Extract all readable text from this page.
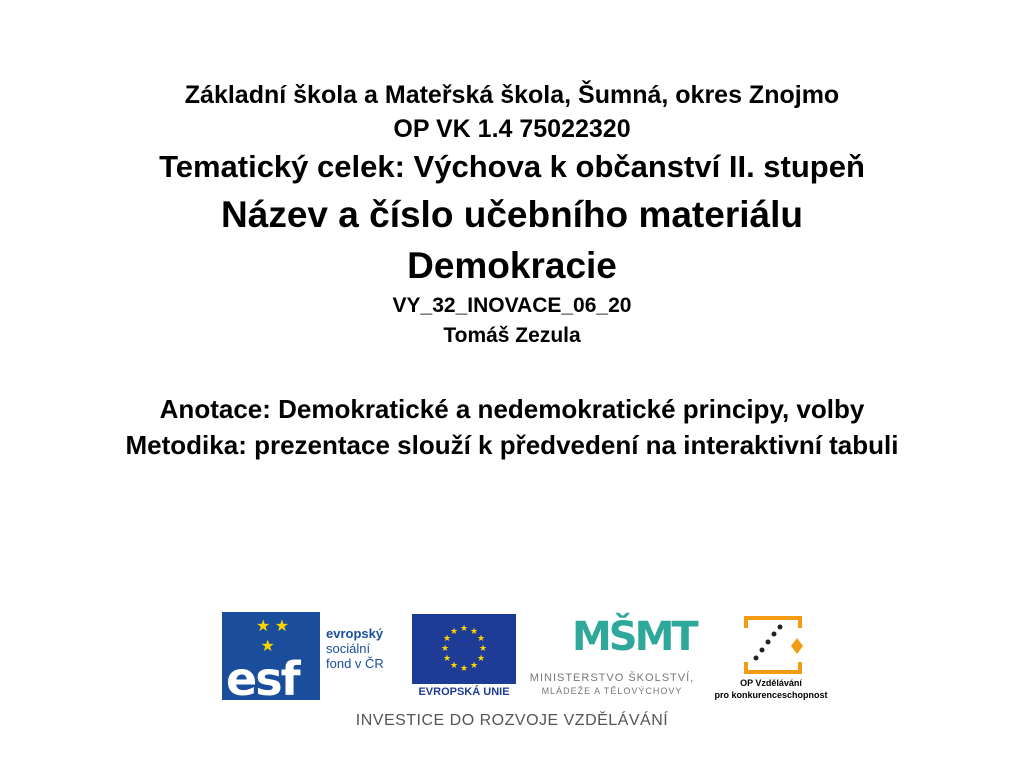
Základní škola a Mateřská škola, Šumná, okres Znojmo
OP VK 1.4 75022320
Tematický celek: Výchova k občanství II. stupeň
Název a číslo učebního materiálu
Demokracie
VY_32_INOVACE_06_20
Tomáš Zezula
Anotace: Demokratické a nedemokratické principy, volby
Metodika: prezentace slouží k předvedení na interaktivní tabuli
★ ★
★
esf
evropský
sociální
fond v ČR
★ ★
★
★
★
★
★
★
★
★
★
★
EVROPSKÁ UNIE
MŠMT
MINISTERSTVO ŠKOLSTVÍ,
MLÁDEŽE A TĚLOVÝCHOVY
OP Vzdělávání
pro konkurenceschopnost
INVESTICE DO ROZVOJE VZDĚLÁVÁNÍ
